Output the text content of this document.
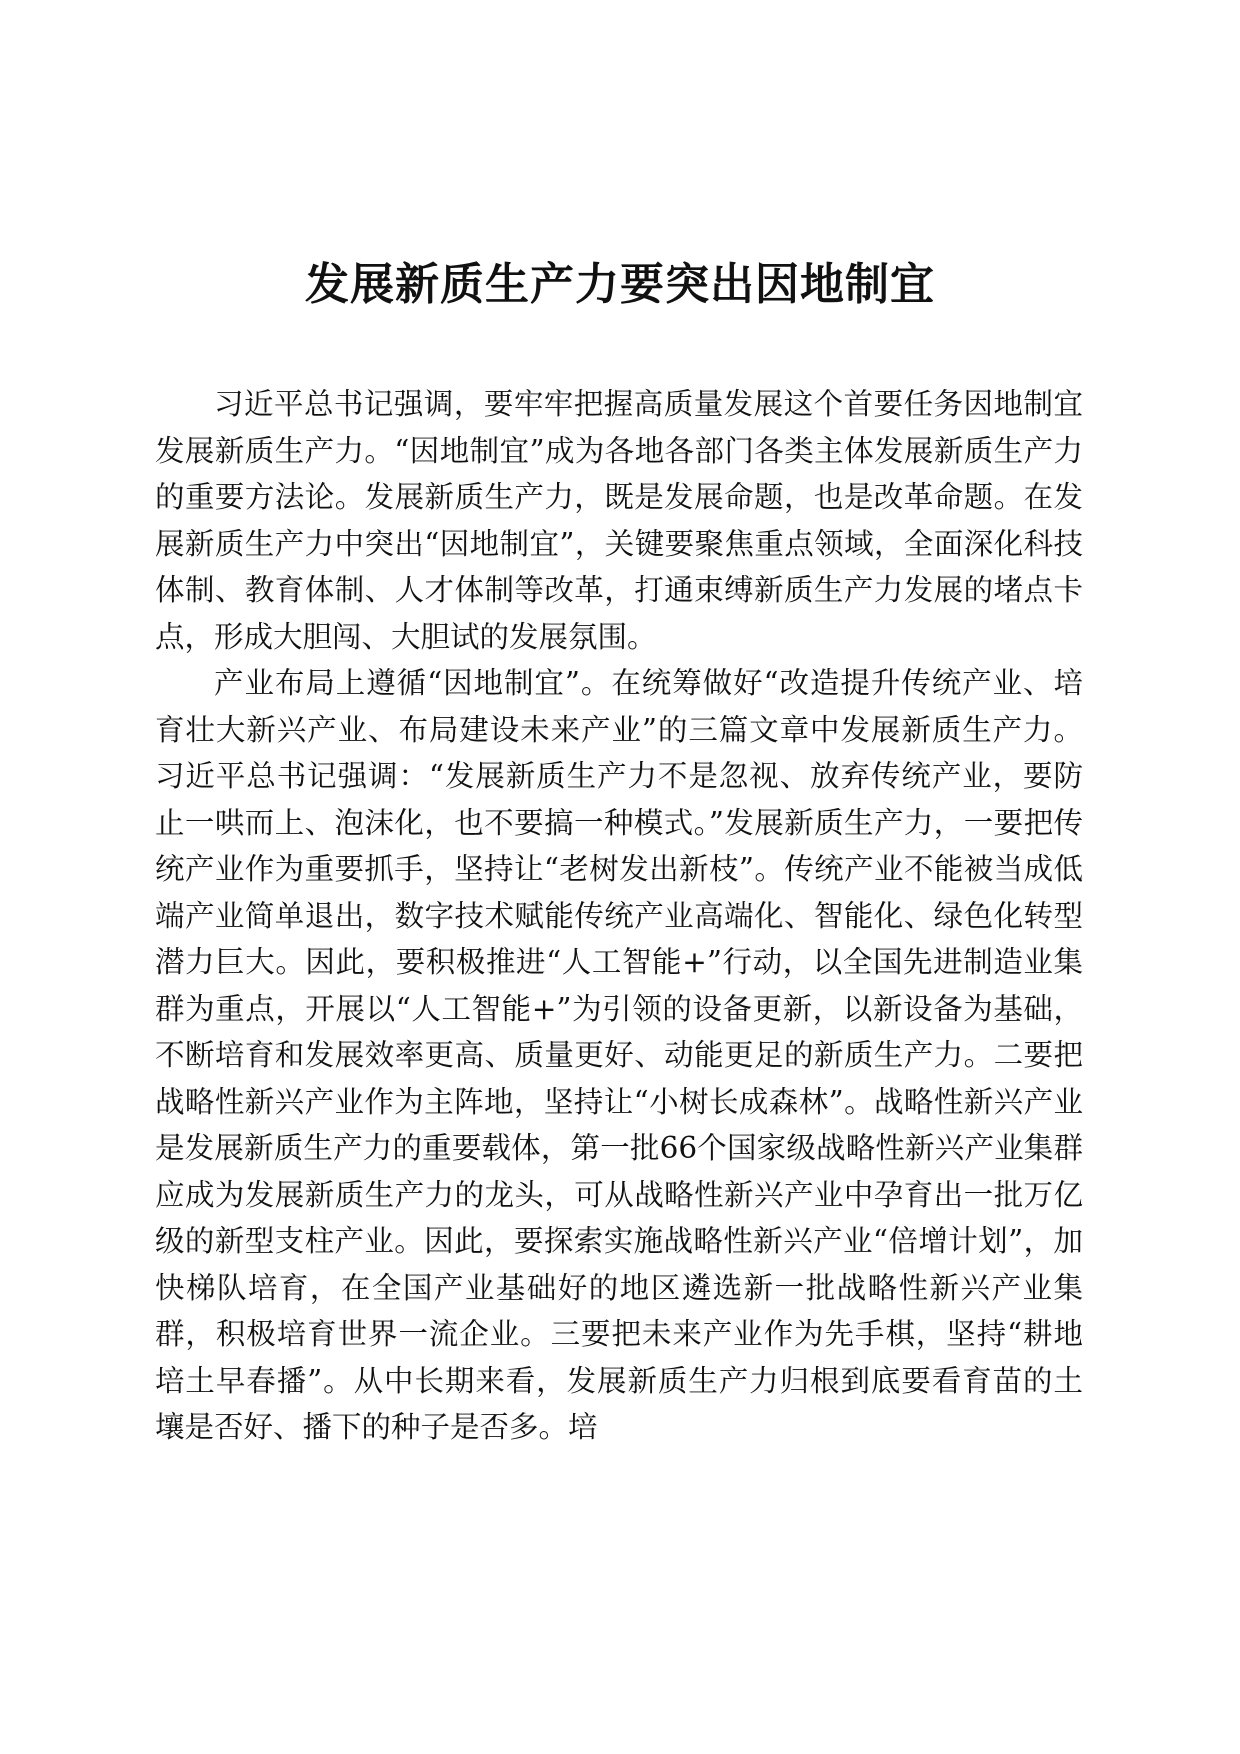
发展新质生产力要突出因地制宜

习近平总书记强调，要牢牢把握高质量发展这个首要任务因地制宜发展新质生产力。“因地制宜”成为各地各部门各类主体发展新质生产力的重要方法论。发展新质生产力，既是发展命题，也是改革命题。在发展新质生产力中突出“因地制宜”，关键要聚焦重点领域，全面深化科技体制、教育体制、人才体制等改革，打通束缚新质生产力发展的堵点卡点，形成大胆闯、大胆试的发展氛围。

产业布局上遵循“因地制宜”。在统筹做好“改造提升传统产业、培育壮大新兴产业、布局建设未来产业”的三篇文章中发展新质生产力。习近平总书记强调：“发展新质生产力不是忽视、放弃传统产业，要防止一哄而上、泡沫化，也不要搞一种模式。”发展新质生产力，一要把传统产业作为重要抓手，坚持让“老树发出新枝”。传统产业不能被当成低端产业简单退出，数字技术赋能传统产业高端化、智能化、绿色化转型潜力巨大。因此，要积极推进“人工智能+”行动，以全国先进制造业集群为重点，开展以“人工智能+”为引领的设备更新，以新设备为基础，不断培育和发展效率更高、质量更好、动能更足的新质生产力。二要把战略性新兴产业作为主阵地，坚持让“小树长成森林”。战略性新兴产业是发展新质生产力的重要载体，第一批66个国家级战略性新兴产业集群应成为发展新质生产力的龙头，可从战略性新兴产业中孕育出一批万亿级的新型支柱产业。因此，要探索实施战略性新兴产业“倍增计划”，加快梯队培育，在全国产业基础好的地区遴选新一批战略性新兴产业集群，积极培育世界一流企业。三要把未来产业作为先手棋，坚持“耕地培土早春播”。从中长期来看，发展新质生产力归根到底要看育苗的土壤是否好、播下的种子是否多。培
